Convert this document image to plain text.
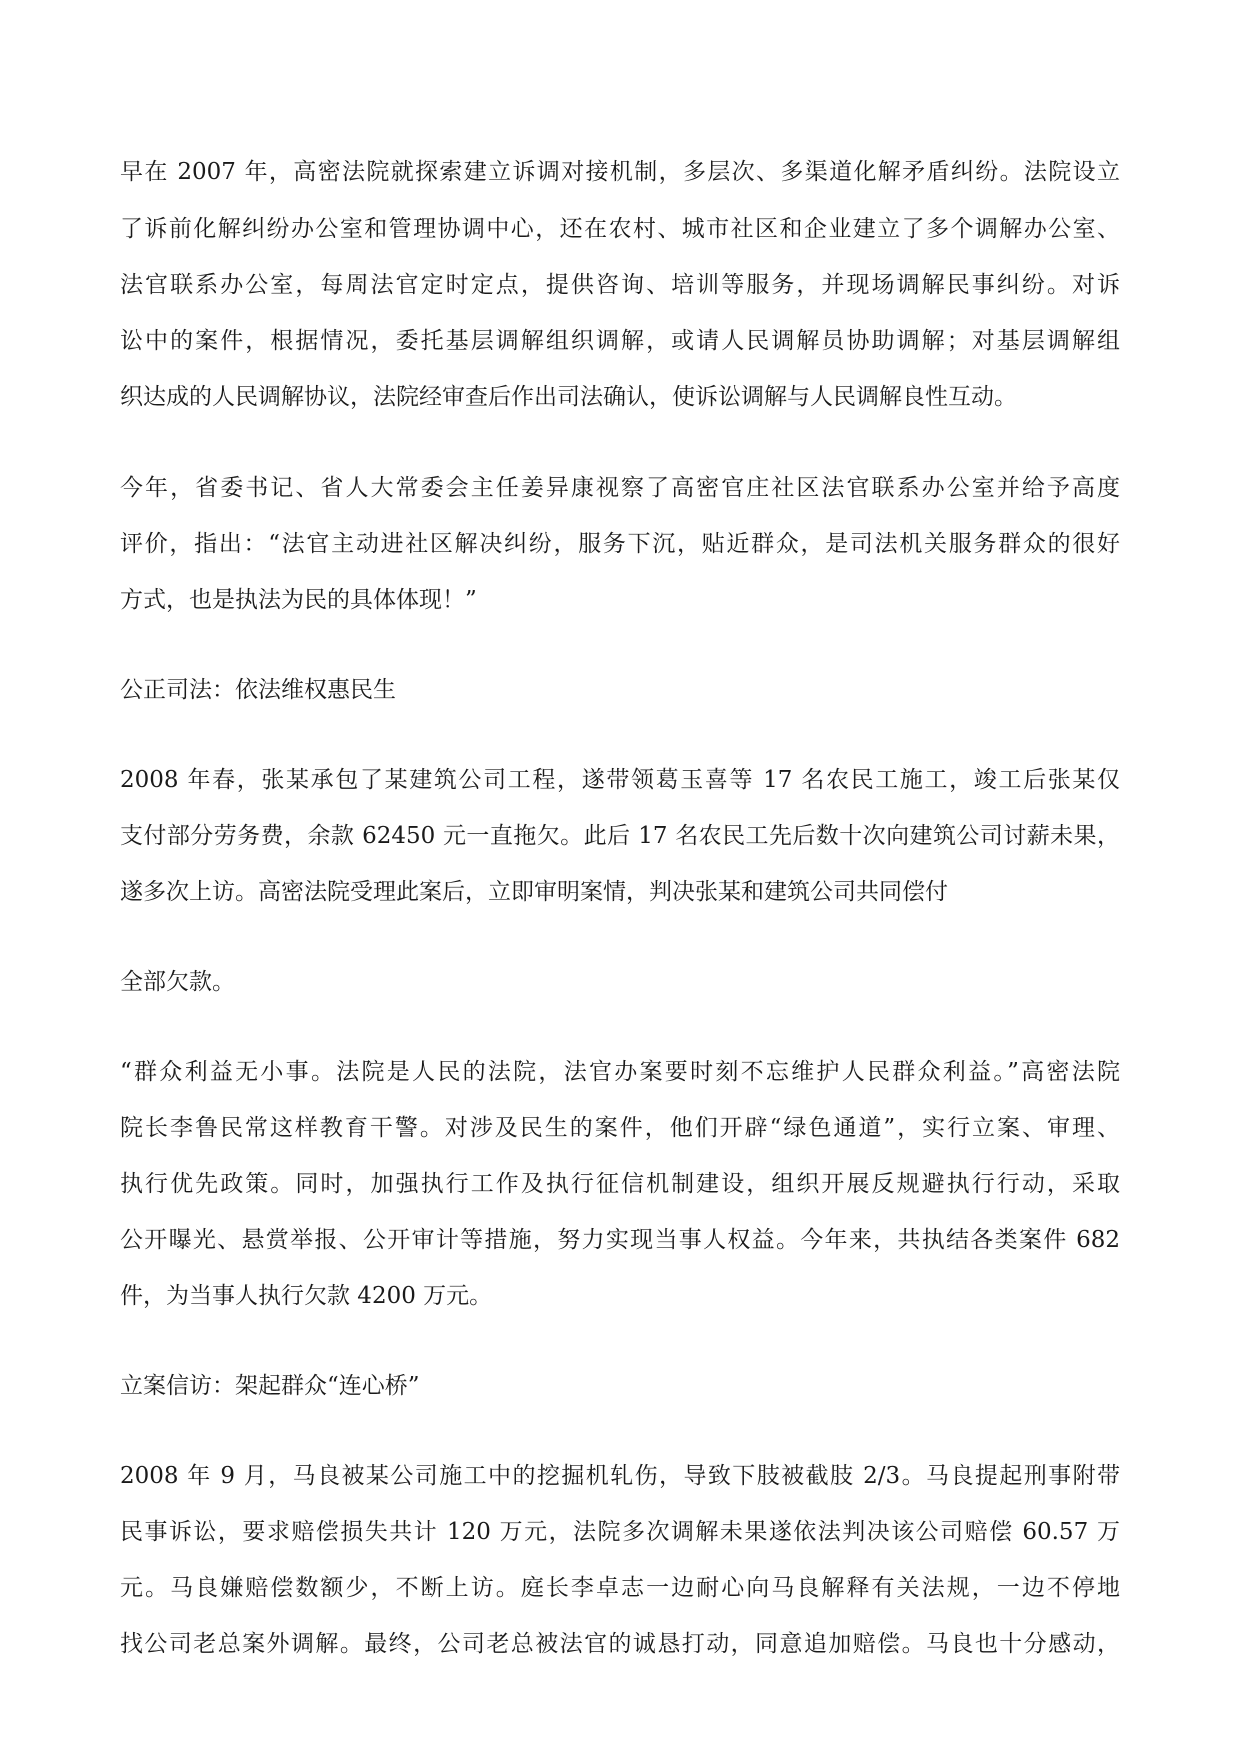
早在 2007 年，高密法院就探索建立诉调对接机制，多层次、多渠道化解矛盾纠纷。法院设立
了诉前化解纠纷办公室和管理协调中心，还在农村、城市社区和企业建立了多个调解办公室、
法官联系办公室，每周法官定时定点，提供咨询、培训等服务，并现场调解民事纠纷。对诉
讼中的案件，根据情况，委托基层调解组织调解，或请人民调解员协助调解；对基层调解组
织达成的人民调解协议，法院经审查后作出司法确认，使诉讼调解与人民调解良性互动。
今年，省委书记、省人大常委会主任姜异康视察了高密官庄社区法官联系办公室并给予高度
评价，指出：“法官主动进社区解决纠纷，服务下沉，贴近群众，是司法机关服务群众的很好
方式，也是执法为民的具体体现！”
公正司法：依法维权惠民生
2008 年春，张某承包了某建筑公司工程，遂带领葛玉喜等 17 名农民工施工，竣工后张某仅
支付部分劳务费，余款 62450 元一直拖欠。此后 17 名农民工先后数十次向建筑公司讨薪未果，
遂多次上访。高密法院受理此案后，立即审明案情，判决张某和建筑公司共同偿付
全部欠款。
“群众利益无小事。法院是人民的法院，法官办案要时刻不忘维护人民群众利益。”高密法院
院长李鲁民常这样教育干警。对涉及民生的案件，他们开辟“绿色通道”，实行立案、审理、
执行优先政策。同时，加强执行工作及执行征信机制建设，组织开展反规避执行行动，采取
公开曝光、悬赏举报、公开审计等措施，努力实现当事人权益。今年来，共执结各类案件 682
件，为当事人执行欠款 4200 万元。
立案信访：架起群众“连心桥”
2008 年 9 月，马良被某公司施工中的挖掘机轧伤，导致下肢被截肢 2/3。马良提起刑事附带
民事诉讼，要求赔偿损失共计 120 万元，法院多次调解未果遂依法判决该公司赔偿 60.57 万
元。马良嫌赔偿数额少，不断上访。庭长李卓志一边耐心向马良解释有关法规，一边不停地
找公司老总案外调解。最终，公司老总被法官的诚恳打动，同意追加赔偿。马良也十分感动，
